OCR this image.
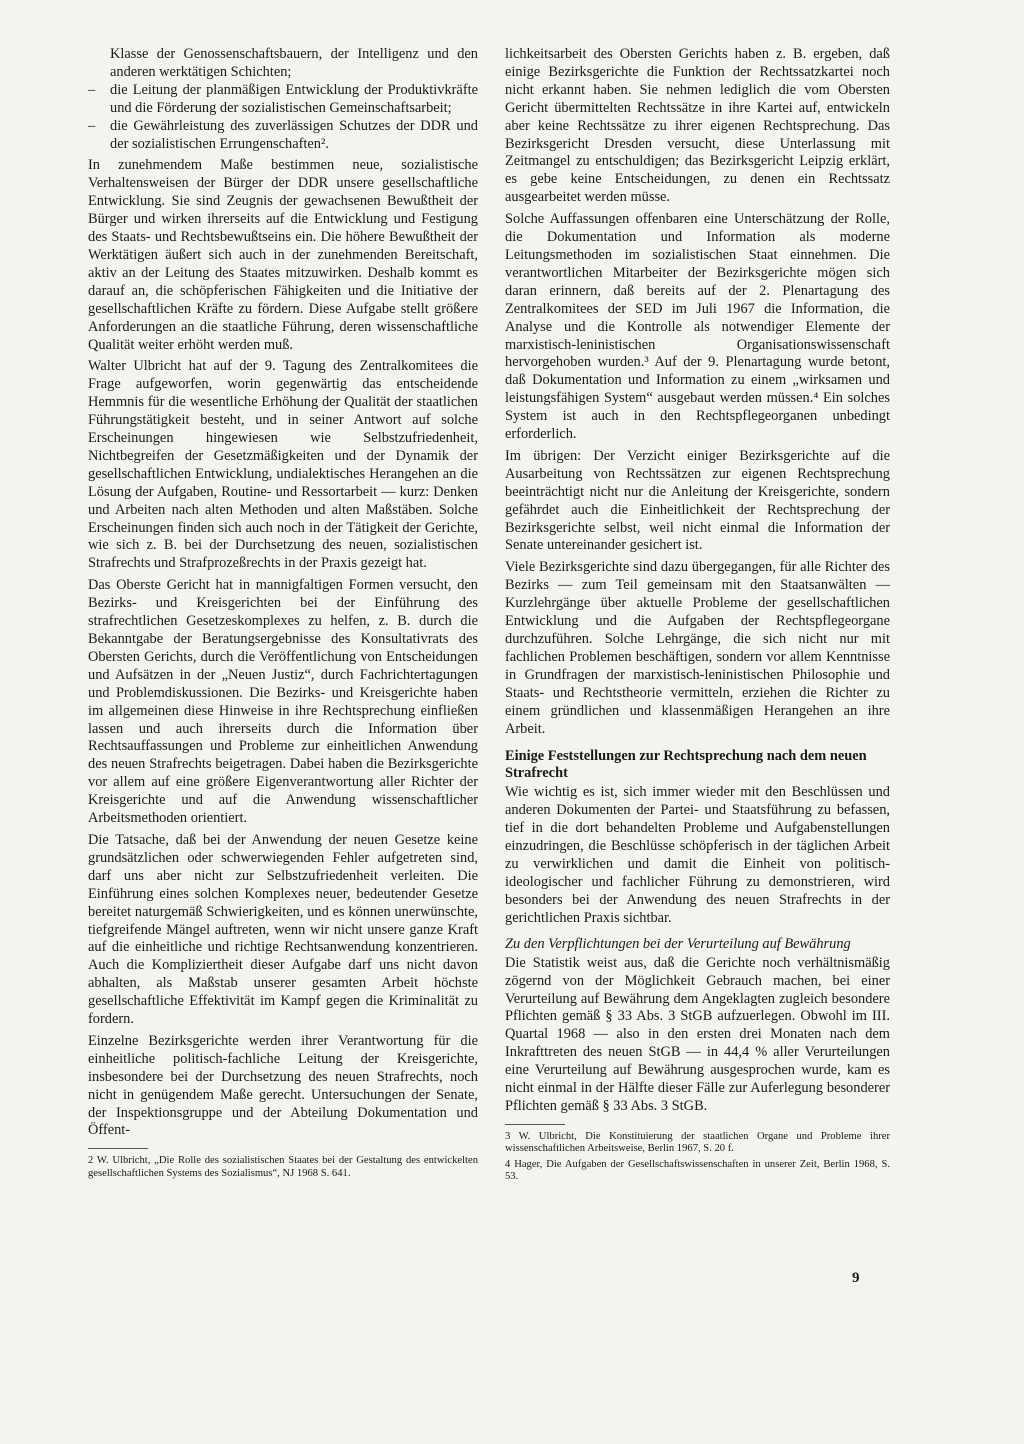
Klasse der Genossenschaftsbauern, der Intelligenz und den anderen werktätigen Schichten;
– die Leitung der planmäßigen Entwicklung der Produktivkräfte und die Förderung der sozialistischen Gemeinschaftsarbeit;
– die Gewährleistung des zuverlässigen Schutzes der DDR und der sozialistischen Errungenschaften².

In zunehmendem Maße bestimmen neue, sozialistische Verhaltensweisen der Bürger der DDR unsere gesellschaftliche Entwicklung. Sie sind Zeugnis der gewachsenen Bewußtheit der Bürger und wirken ihrerseits auf die Entwicklung und Festigung des Staats- und Rechtsbewußtseins ein. Die höhere Bewußtheit der Werktätigen äußert sich auch in der zunehmenden Bereitschaft, aktiv an der Leitung des Staates mitzuwirken. Deshalb kommt es darauf an, die schöpferischen Fähigkeiten und die Initiative der gesellschaftlichen Kräfte zu fördern. Diese Aufgabe stellt größere Anforderungen an die staatliche Führung, deren wissenschaftliche Qualität weiter erhöht werden muß.

Walter Ulbricht hat auf der 9. Tagung des Zentralkomitees die Frage aufgeworfen, worin gegenwärtig das entscheidende Hemmnis für die wesentliche Erhöhung der Qualität der staatlichen Führungstätigkeit besteht, und in seiner Antwort auf solche Erscheinungen hingewiesen wie Selbstzufriedenheit, Nichtbegreifen der Gesetzmäßigkeiten und der Dynamik der gesellschaftlichen Entwicklung, undialektisches Herangehen an die Lösung der Aufgaben, Routine- und Ressortarbeit — kurz: Denken und Arbeiten nach alten Methoden und alten Maßstäben. Solche Erscheinungen finden sich auch noch in der Tätigkeit der Gerichte, wie sich z. B. bei der Durchsetzung des neuen, sozialistischen Strafrechts und Strafprozeßrechts in der Praxis gezeigt hat.

Das Oberste Gericht hat in mannigfaltigen Formen versucht, den Bezirks- und Kreisgerichten bei der Einführung des strafrechtlichen Gesetzeskomplexes zu helfen, z. B. durch die Bekanntgabe der Beratungsergebnisse des Konsultativrats des Obersten Gerichts, durch die Veröffentlichung von Entscheidungen und Aufsätzen in der „Neuen Justiz“, durch Fachrichtertagungen und Problemdiskussionen. Die Bezirks- und Kreisgerichte haben im allgemeinen diese Hinweise in ihre Rechtsprechung einfließen lassen und auch ihrerseits durch die Information über Rechtsauffassungen und Probleme zur einheitlichen Anwendung des neuen Strafrechts beigetragen. Dabei haben die Bezirksgerichte vor allem auf eine größere Eigenverantwortung aller Richter der Kreisgerichte und auf die Anwendung wissenschaftlicher Arbeitsmethoden orientiert.

Die Tatsache, daß bei der Anwendung der neuen Gesetze keine grundsätzlichen oder schwerwiegenden Fehler aufgetreten sind, darf uns aber nicht zur Selbstzufriedenheit verleiten. Die Einführung eines solchen Komplexes neuer, bedeutender Gesetze bereitet naturgemäß Schwierigkeiten, und es können unerwünschte, tiefgreifende Mängel auftreten, wenn wir nicht unsere ganze Kraft auf die einheitliche und richtige Rechtsanwendung konzentrieren. Auch die Kompliziertheit dieser Aufgabe darf uns nicht davon abhalten, als Maßstab unserer gesamten Arbeit höchste gesellschaftliche Effektivität im Kampf gegen die Kriminalität zu fordern.

Einzelne Bezirksgerichte werden ihrer Verantwortung für die einheitliche politisch-fachliche Leitung der Kreisgerichte, insbesondere bei der Durchsetzung des neuen Strafrechts, noch nicht in genügendem Maße gerecht. Untersuchungen der Senate, der Inspektionsgruppe und der Abteilung Dokumentation und Öffent-

2 W. Ulbricht, „Die Rolle des sozialistischen Staates bei der Gestaltung des entwickelten gesellschaftlichen Systems des Sozialismus“, NJ 1968 S. 641.

lichkeitsarbeit des Obersten Gerichts haben z. B. ergeben, daß einige Bezirksgerichte die Funktion der Rechtssatzkartei noch nicht erkannt haben. Sie nehmen lediglich die vom Obersten Gericht übermittelten Rechtssätze in ihre Kartei auf, entwickeln aber keine Rechtssätze zu ihrer eigenen Rechtsprechung. Das Bezirksgericht Dresden versucht, diese Unterlassung mit Zeitmangel zu entschuldigen; das Bezirksgericht Leipzig erklärt, es gebe keine Entscheidungen, zu denen ein Rechtssatz ausgearbeitet werden müsse.

Solche Auffassungen offenbaren eine Unterschätzung der Rolle, die Dokumentation und Information als moderne Leitungsmethoden im sozialistischen Staat einnehmen. Die verantwortlichen Mitarbeiter der Bezirksgerichte mögen sich daran erinnern, daß bereits auf der 2. Plenartagung des Zentralkomitees der SED im Juli 1967 die Information, die Analyse und die Kontrolle als notwendiger Elemente der marxistisch-leninistischen Organisationswissenschaft hervorgehoben wurden.³ Auf der 9. Plenartagung wurde betont, daß Dokumentation und Information zu einem „wirksamen und leistungsfähigen System“ ausgebaut werden müssen.⁴ Ein solches System ist auch in den Rechtspflegeorganen unbedingt erforderlich.

Im übrigen: Der Verzicht einiger Bezirksgerichte auf die Ausarbeitung von Rechtssätzen zur eigenen Rechtsprechung beeinträchtigt nicht nur die Anleitung der Kreisgerichte, sondern gefährdet auch die Einheitlichkeit der Rechtsprechung der Bezirksgerichte selbst, weil nicht einmal die Information der Senate untereinander gesichert ist.

Viele Bezirksgerichte sind dazu übergegangen, für alle Richter des Bezirks — zum Teil gemeinsam mit den Staatsanwälten — Kurzlehrgänge über aktuelle Probleme der gesellschaftlichen Entwicklung und die Aufgaben der Rechtspflegeorgane durchzuführen. Solche Lehrgänge, die sich nicht nur mit fachlichen Problemen beschäftigen, sondern vor allem Kenntnisse in Grundfragen der marxistisch-leninistischen Philosophie und Staats- und Rechtstheorie vermitteln, erziehen die Richter zu einem gründlichen und klassenmäßigen Herangehen an ihre Arbeit.

Einige Feststellungen zur Rechtsprechung nach dem neuen Strafrecht

Wie wichtig es ist, sich immer wieder mit den Beschlüssen und anderen Dokumenten der Partei- und Staatsführung zu befassen, tief in die dort behandelten Probleme und Aufgabenstellungen einzudringen, die Beschlüsse schöpferisch in der täglichen Arbeit zu verwirklichen und damit die Einheit von politisch-ideologischer und fachlicher Führung zu demonstrieren, wird besonders bei der Anwendung des neuen Strafrechts in der gerichtlichen Praxis sichtbar.

Zu den Verpflichtungen bei der Verurteilung auf Bewährung

Die Statistik weist aus, daß die Gerichte noch verhältnismäßig zögernd von der Möglichkeit Gebrauch machen, bei einer Verurteilung auf Bewährung dem Angeklagten zugleich besondere Pflichten gemäß § 33 Abs. 3 StGB aufzuerlegen. Obwohl im III. Quartal 1968 — also in den ersten drei Monaten nach dem Inkrafttreten des neuen StGB — in 44,4 % aller Verurteilungen eine Verurteilung auf Bewährung ausgesprochen wurde, kam es nicht einmal in der Hälfte dieser Fälle zur Auferlegung besonderer Pflichten gemäß § 33 Abs. 3 StGB.

3 W. Ulbricht, Die Konstituierung der staatlichen Organe und Probleme ihrer wissenschaftlichen Arbeitsweise, Berlin 1967, S. 20 f.

4 Hager, Die Aufgaben der Gesellschaftswissenschaften in unserer Zeit, Berlin 1968, S. 53.

9
